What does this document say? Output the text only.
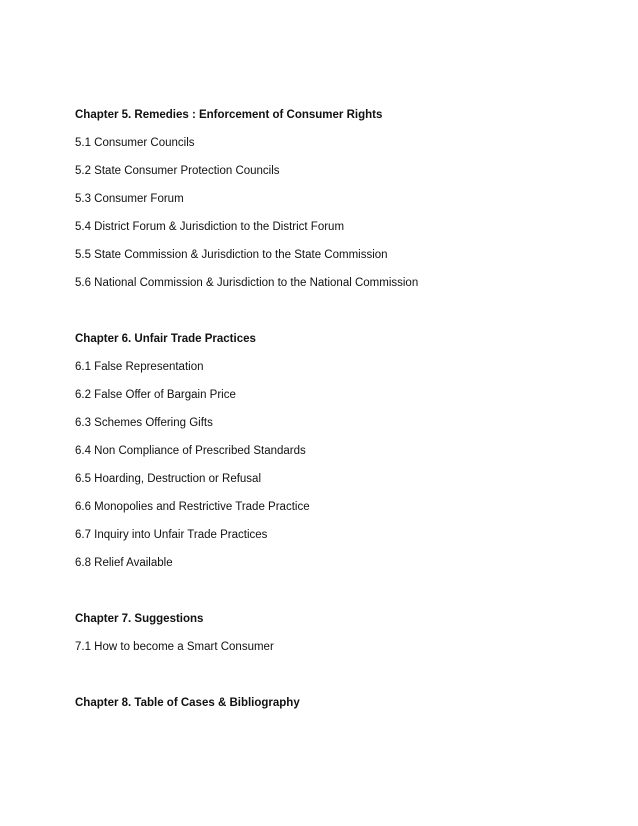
Chapter 5. Remedies : Enforcement of Consumer Rights

5.1 Consumer Councils

5.2 State Consumer Protection Councils

5.3 Consumer Forum

5.4 District Forum & Jurisdiction to the District Forum

5.5 State Commission & Jurisdiction to the State Commission

5.6 National Commission & Jurisdiction to the National Commission

Chapter 6. Unfair Trade Practices

6.1 False Representation

6.2 False Offer of Bargain Price

6.3 Schemes Offering Gifts

6.4 Non Compliance of Prescribed Standards

6.5 Hoarding, Destruction or Refusal

6.6 Monopolies and Restrictive Trade Practice

6.7 Inquiry into Unfair Trade Practices

6.8 Relief Available

Chapter 7. Suggestions

7.1 How to become a Smart Consumer

Chapter 8. Table of Cases & Bibliography
